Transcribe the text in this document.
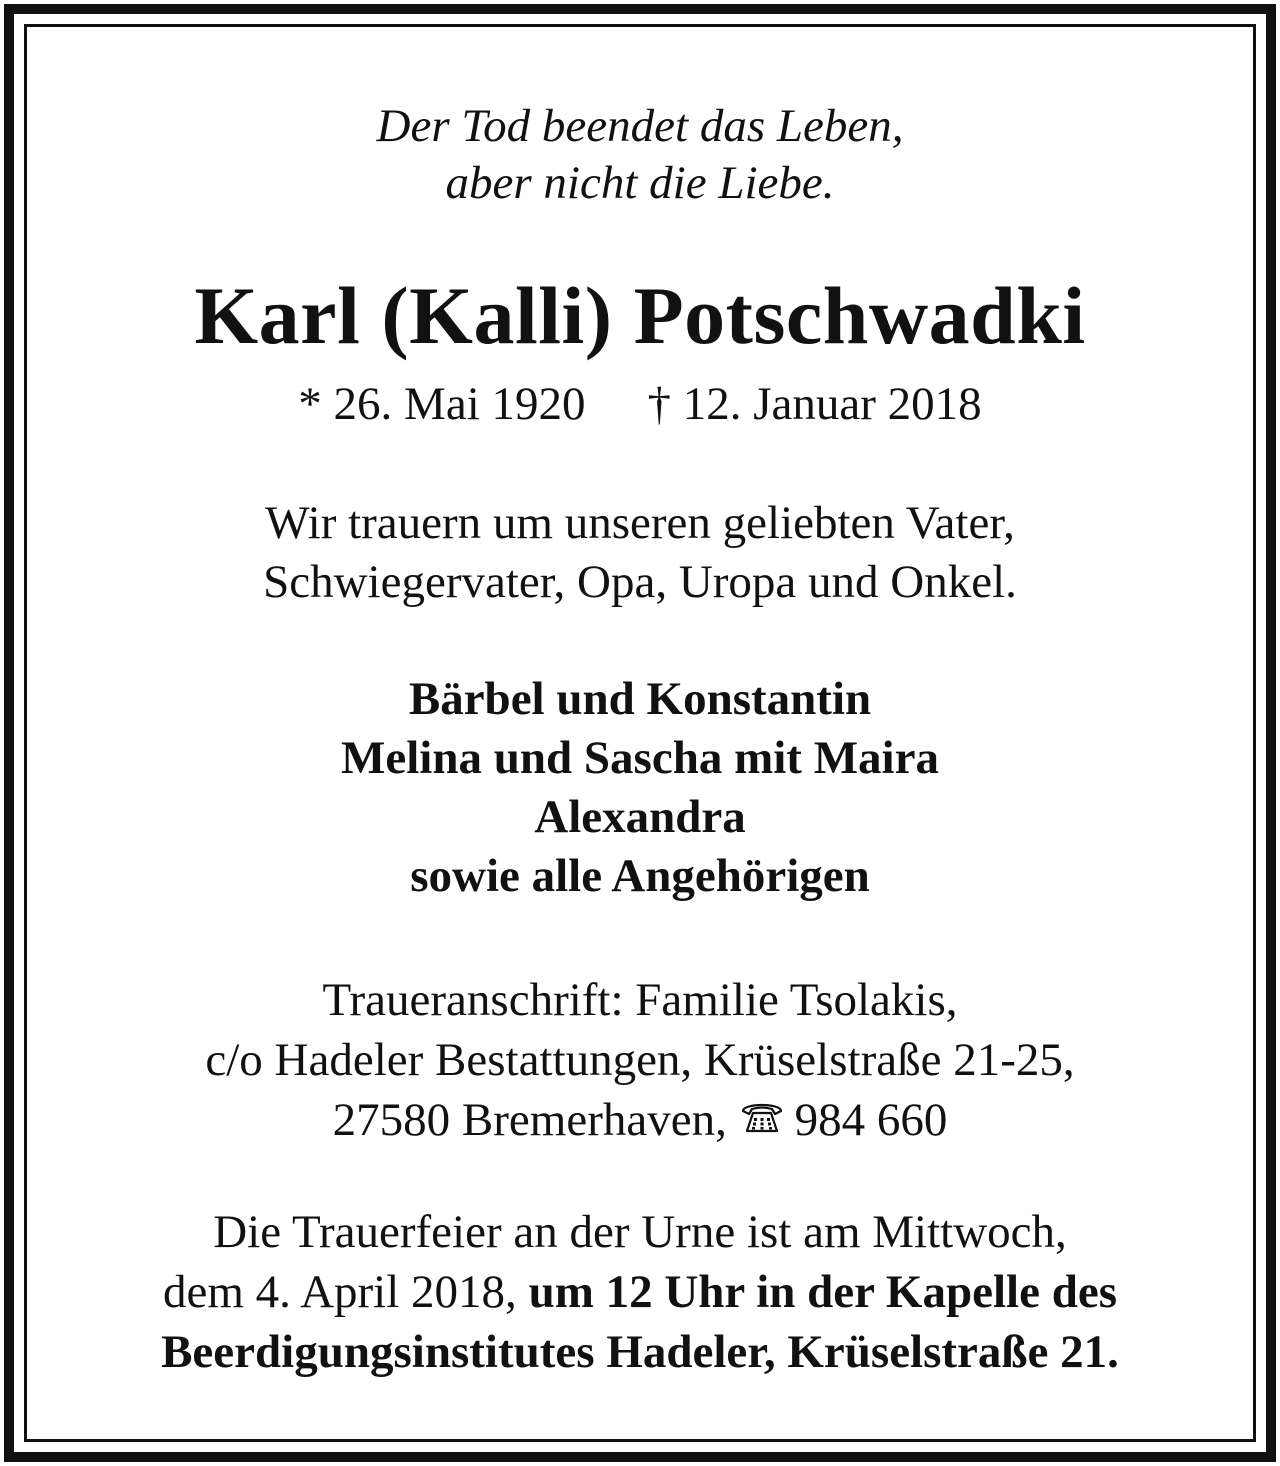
Der Tod beendet das Leben,
aber nicht die Liebe.
Karl (Kalli) Potschwadki
* 26. Mai 1920 † 12. Januar 2018
Wir trauern um unseren geliebten Vater,
Schwiegervater, Opa, Uropa und Onkel.
Bärbel und Konstantin
Melina und Sascha mit Maira
Alexandra
sowie alle Angehörigen
Traueranschrift: Familie Tsolakis,
c/o Hadeler Bestattungen, Krüselstraße 21-25,
27580 Bremerhaven, 984 660
Die Trauerfeier an der Urne ist am Mittwoch,
dem 4. April 2018, um 12 Uhr in der Kapelle des
Beerdigungsinstitutes Hadeler, Krüselstraße 21.
